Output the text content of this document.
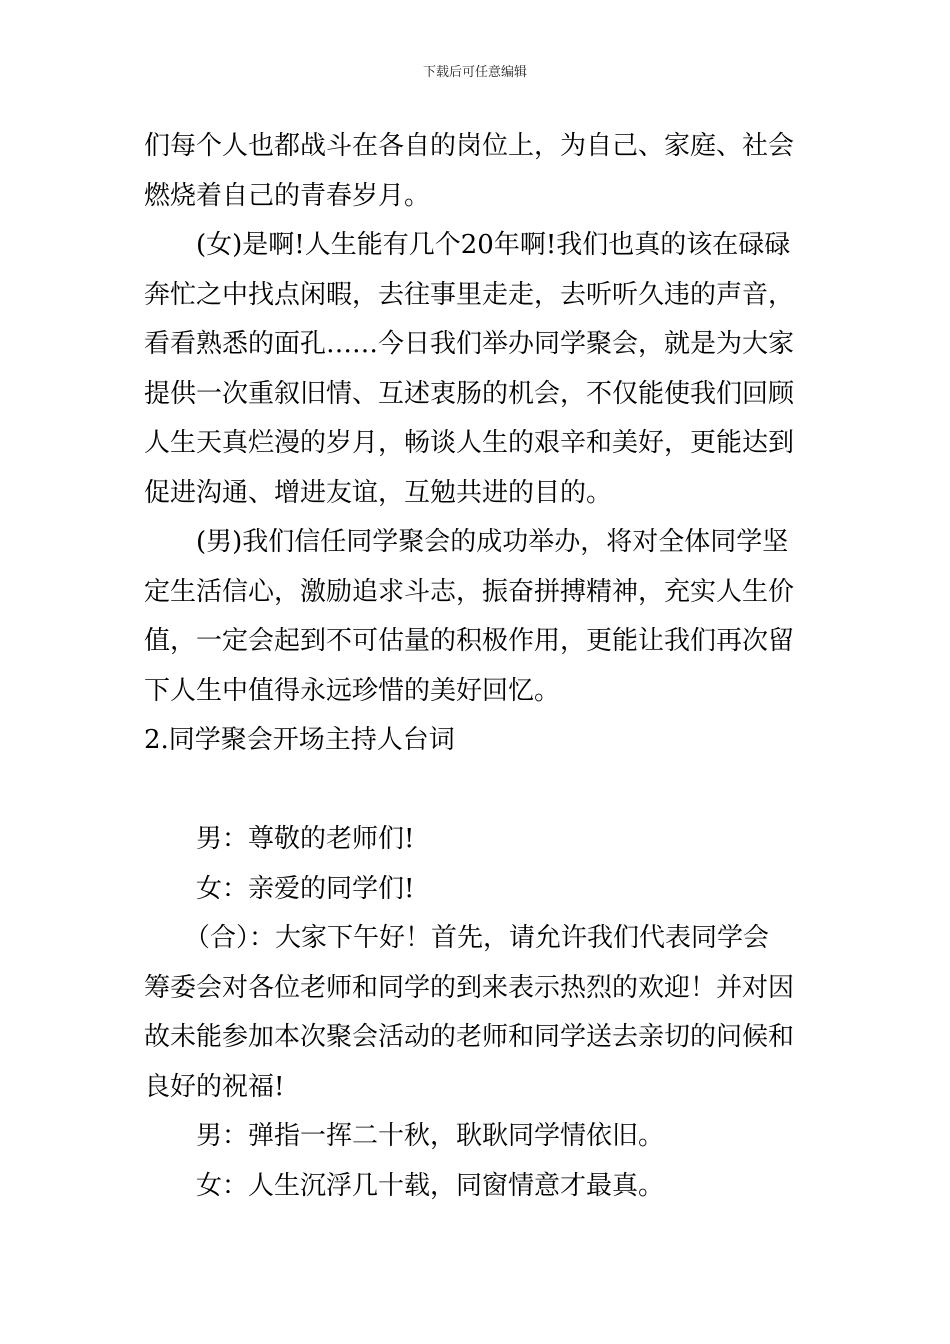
下载后可任意编辑
们每个人也都战斗在各自的岗位上，为自己、家庭、社会
燃烧着自己的青春岁月。
(女)是啊!人生能有几个20年啊!我们也真的该在碌碌
奔忙之中找点闲暇，去往事里走走，去听听久违的声音，
看看熟悉的面孔……今日我们举办同学聚会，就是为大家
提供一次重叙旧情、互述衷肠的机会，不仅能使我们回顾
人生天真烂漫的岁月，畅谈人生的艰辛和美好，更能达到
促进沟通、增进友谊，互勉共进的目的。
(男)我们信任同学聚会的成功举办，将对全体同学坚
定生活信心，激励追求斗志，振奋拼搏精神，充实人生价
值，一定会起到不可估量的积极作用，更能让我们再次留
下人生中值得永远珍惜的美好回忆。
2.同学聚会开场主持人台词
男：尊敬的老师们!
女：亲爱的同学们!
（合）：大家下午好！首先，请允许我们代表同学会
筹委会对各位老师和同学的到来表示热烈的欢迎！并对因
故未能参加本次聚会活动的老师和同学送去亲切的问候和
良好的祝福!
男：弹指一挥二十秋，耿耿同学情依旧。
女：人生沉浮几十载，同窗情意才最真。
